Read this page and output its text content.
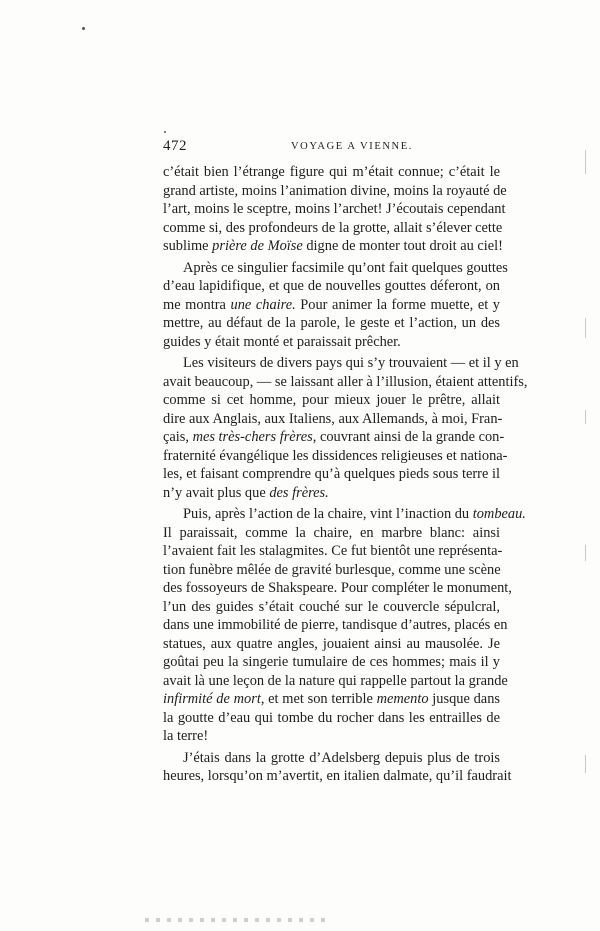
472	VOYAGE A VIENNE.
c’était bien l’étrange figure qui m’était connue; c’était le
grand artiste, moins l’animation divine, moins la royauté de
l’art, moins le sceptre, moins l’archet! J’écoutais cependant
comme si, des profondeurs de la grotte, allait s’élever cette
sublime prière de Moïse digne de monter tout droit au ciel!
Après ce singulier facsimile qu’ont fait quelques gouttes
d’eau lapidifique, et que de nouvelles gouttes déferont, on
me montra une chaire. Pour animer la forme muette, et y
mettre, au défaut de la parole, le geste et l’action, un des
guides y était monté et paraissait prêcher.
Les visiteurs de divers pays qui s’y trouvaient — et il y en
avait beaucoup, — se laissant aller à l’illusion, étaient attentifs,
comme si cet homme, pour mieux jouer le prêtre, allait
dire aux Anglais, aux Italiens, aux Allemands, à moi, Fran-
çais, mes très-chers frères, couvrant ainsi de la grande con-
fraternité évangélique les dissidences religieuses et nationa-
les, et faisant comprendre qu’à quelques pieds sous terre il
n’y avait plus que des frères.
Puis, après l’action de la chaire, vint l’inaction du tombeau.
Il paraissait, comme la chaire, en marbre blanc: ainsi
l’avaient fait les stalagmites. Ce fut bientôt une représenta-
tion funèbre mêlée de gravité burlesque, comme une scène
des fossoyeurs de Shakspeare. Pour compléter le monument,
l’un des guides s’était couché sur le couvercle sépulcral,
dans une immobilité de pierre, tandisque d’autres, placés en
statues, aux quatre angles, jouaient ainsi au mausolée. Je
goûtai peu la singerie tumulaire de ces hommes; mais il y
avait là une leçon de la nature qui rappelle partout la grande
infirmité de mort, et met son terrible memento jusque dans
la goutte d’eau qui tombe du rocher dans les entrailles de
la terre!
J’étais dans la grotte d’Adelsberg depuis plus de trois
heures, lorsqu’on m’avertit, en italien dalmate, qu’il faudrait
